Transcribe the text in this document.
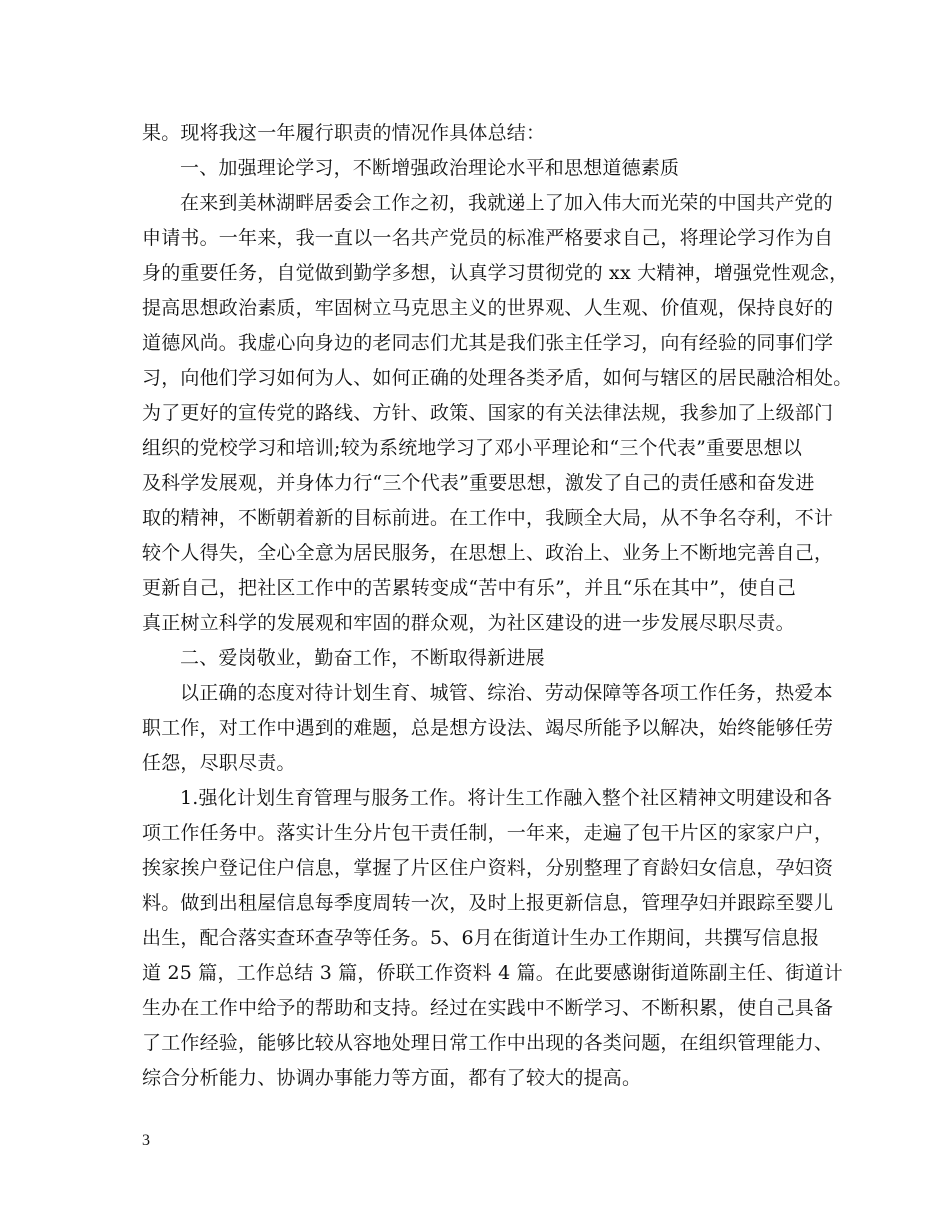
果。现将我这一年履行职责的情况作具体总结：
一、加强理论学习，不断增强政治理论水平和思想道德素质
在来到美林湖畔居委会工作之初，我就递上了加入伟大而光荣的中国共产党的
申请书。一年来，我一直以一名共产党员的标准严格要求自己，将理论学习作为自
身的重要任务，自觉做到勤学多想，认真学习贯彻党的 xx 大精神，增强党性观念，
提高思想政治素质，牢固树立马克思主义的世界观、人生观、价值观，保持良好的
道德风尚。我虚心向身边的老同志们尤其是我们张主任学习，向有经验的同事们学
习，向他们学习如何为人、如何正确的处理各类矛盾，如何与辖区的居民融洽相处。
为了更好的宣传党的路线、方针、政策、国家的有关法律法规，我参加了上级部门
组织的党校学习和培训;较为系统地学习了邓小平理论和“三个代表”重要思想以
及科学发展观，并身体力行“三个代表”重要思想，激发了自己的责任感和奋发进
取的精神，不断朝着新的目标前进。在工作中，我顾全大局，从不争名夺利，不计
较个人得失，全心全意为居民服务，在思想上、政治上、业务上不断地完善自己，
更新自己，把社区工作中的苦累转变成“苦中有乐”，并且“乐在其中”，使自己
真正树立科学的发展观和牢固的群众观，为社区建设的进一步发展尽职尽责。
二、爱岗敬业，勤奋工作，不断取得新进展
以正确的态度对待计划生育、城管、综治、劳动保障等各项工作任务，热爱本
职工作，对工作中遇到的难题，总是想方设法、竭尽所能予以解决，始终能够任劳
任怨，尽职尽责。
1.强化计划生育管理与服务工作。将计生工作融入整个社区精神文明建设和各
项工作任务中。落实计生分片包干责任制，一年来，走遍了包干片区的家家户户，
挨家挨户登记住户信息，掌握了片区住户资料，分别整理了育龄妇女信息，孕妇资
料。做到出租屋信息每季度周转一次，及时上报更新信息，管理孕妇并跟踪至婴儿
出生，配合落实查环查孕等任务。5、6月在街道计生办工作期间，共撰写信息报
道 25 篇，工作总结 3 篇，侨联工作资料 4 篇。在此要感谢街道陈副主任、街道计
生办在工作中给予的帮助和支持。经过在实践中不断学习、不断积累，使自己具备
了工作经验，能够比较从容地处理日常工作中出现的各类问题，在组织管理能力、
综合分析能力、协调办事能力等方面，都有了较大的提高。
3
